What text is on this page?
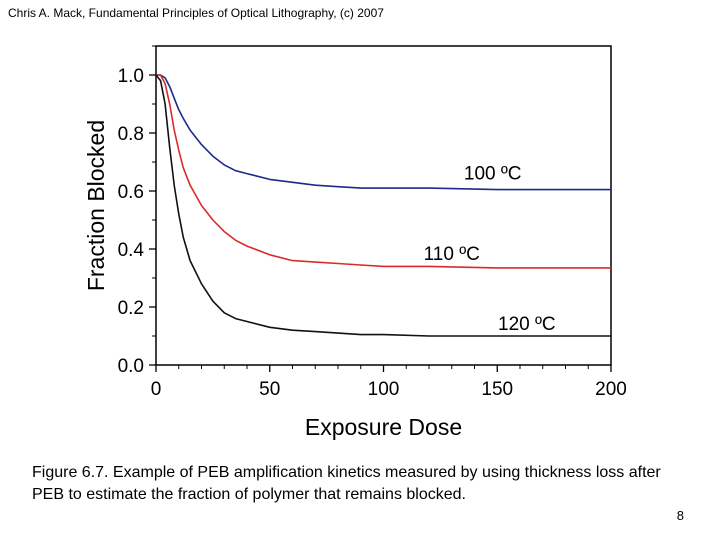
Chris A. Mack, Fundamental Principles of Optical Lithography, (c) 2007
0	50	100	150	200
0.0
0.2
0.4
0.6
0.8
1.0
Exposure Dose
Fraction Blocked	100 ºC
110 ºC
120 ºC
Figure 6.7. Example of PEB amplification kinetics measured by using thickness loss after PEB to estimate the fraction of polymer that remains blocked.
8
